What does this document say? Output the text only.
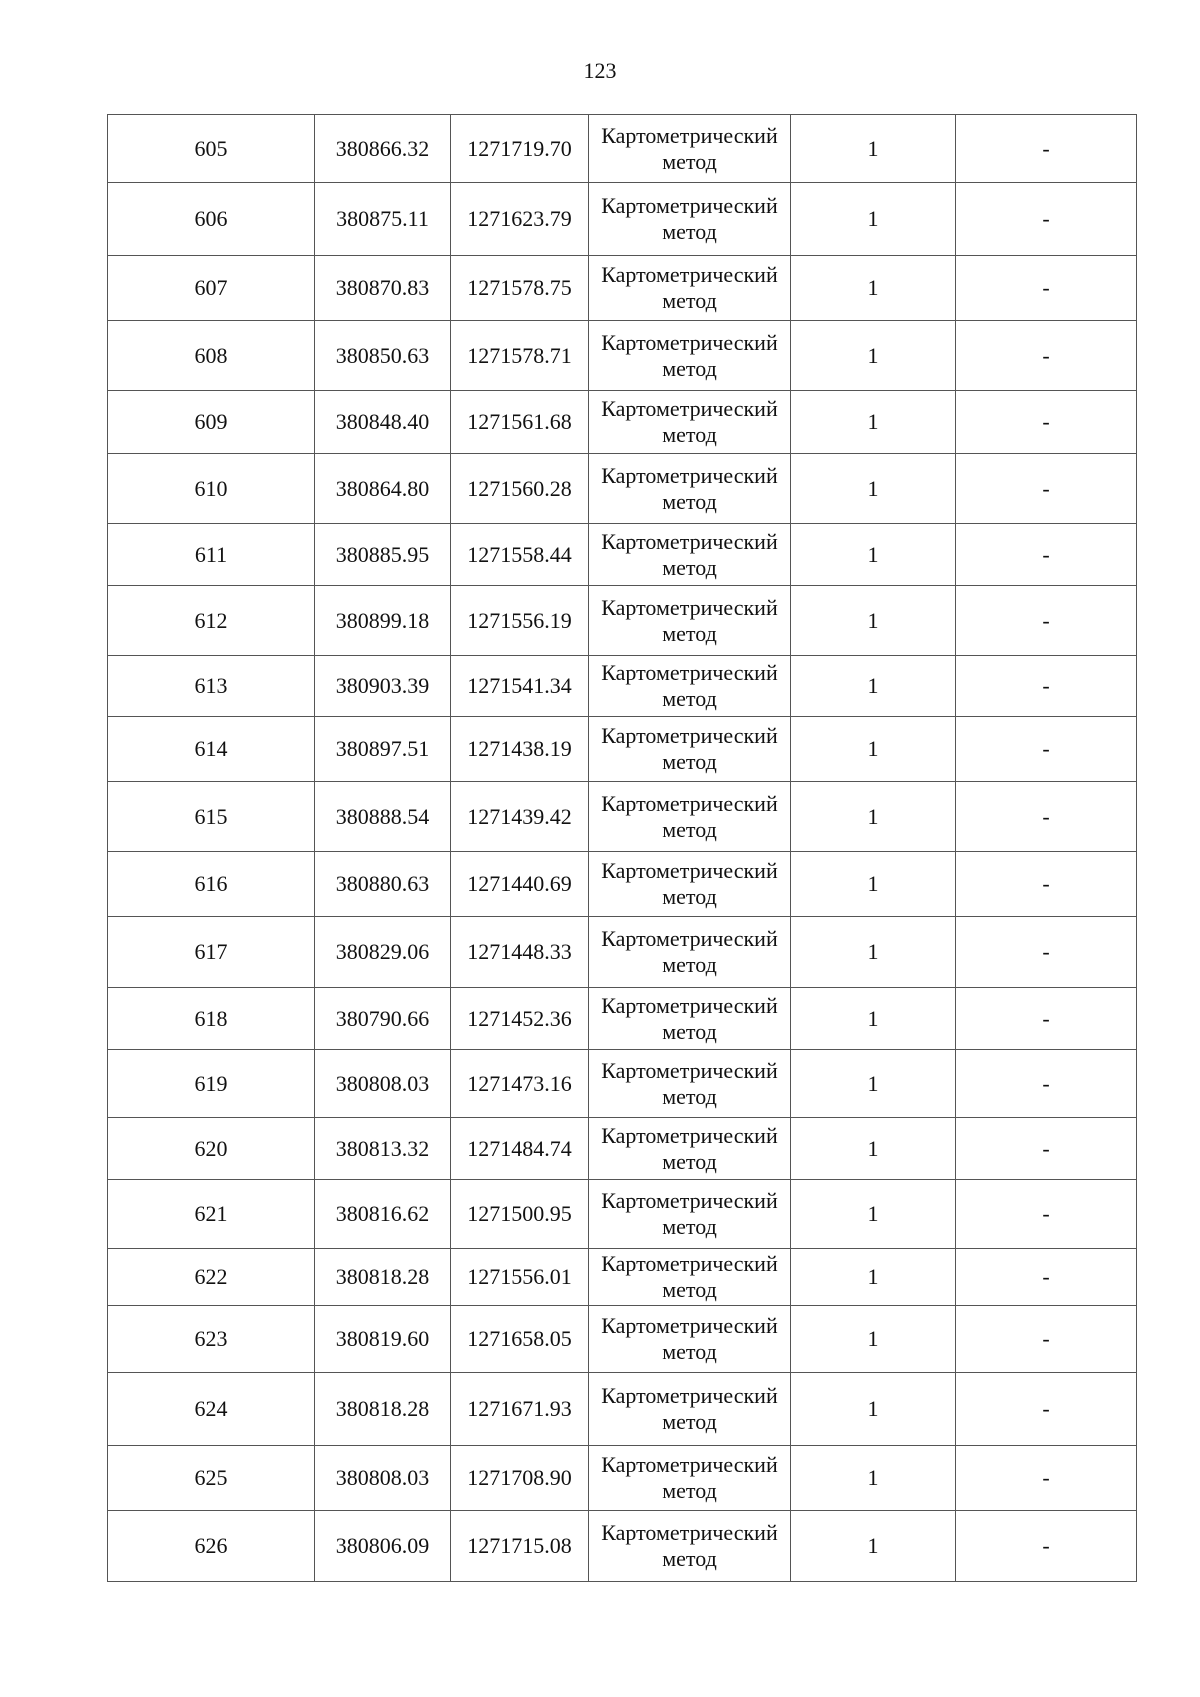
123
605	380866.32	1271719.70	Картометрический
метод	1	-
606	380875.11	1271623.79	Картометрический
метод	1	-
607	380870.83	1271578.75	Картометрический
метод	1	-
608	380850.63	1271578.71	Картометрический
метод	1	-
609	380848.40	1271561.68	Картометрический
метод	1	-
610	380864.80	1271560.28	Картометрический
метод	1	-
611	380885.95	1271558.44	Картометрический
метод	1	-
612	380899.18	1271556.19	Картометрический
метод	1	-
613	380903.39	1271541.34	Картометрический
метод	1	-
614	380897.51	1271438.19	Картометрический
метод	1	-
615	380888.54	1271439.42	Картометрический
метод	1	-
616	380880.63	1271440.69	Картометрический
метод	1	-
617	380829.06	1271448.33	Картометрический
метод	1	-
618	380790.66	1271452.36	Картометрический
метод	1	-
619	380808.03	1271473.16	Картометрический
метод	1	-
620	380813.32	1271484.74	Картометрический
метод	1	-
621	380816.62	1271500.95	Картометрический
метод	1	-
622	380818.28	1271556.01	Картометрический
метод	1	-
623	380819.60	1271658.05	Картометрический
метод	1	-
624	380818.28	1271671.93	Картометрический
метод	1	-
625	380808.03	1271708.90	Картометрический
метод	1	-
626	380806.09	1271715.08	Картометрический
метод	1	-
